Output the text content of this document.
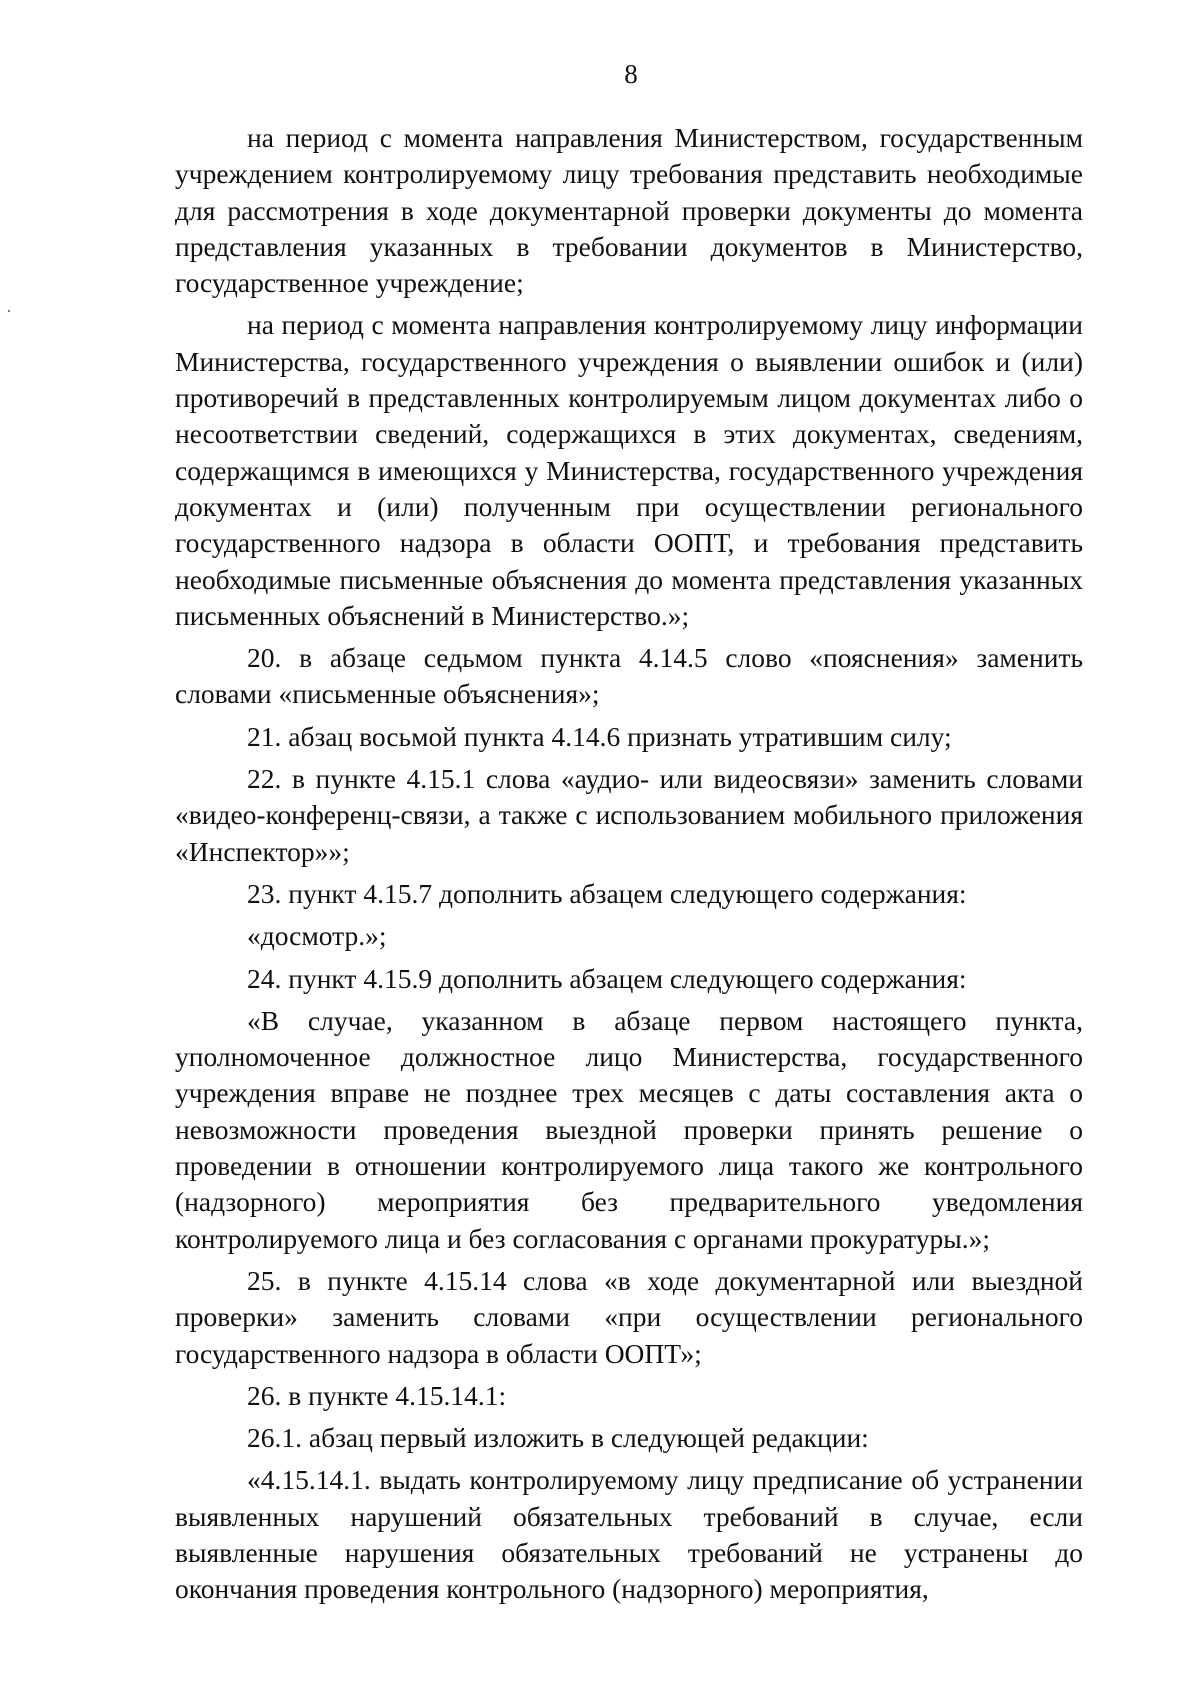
8

на период с момента направления Министерством, государственным учреждением контролируемому лицу требования представить необходимые для рассмотрения в ходе документарной проверки документы до момента представления указанных в требовании документов в Министерство, государственное учреждение;

на период с момента направления контролируемому лицу информации Министерства, государственного учреждения о выявлении ошибок и (или) противоречий в представленных контролируемым лицом документах либо о несоответствии сведений, содержащихся в этих документах, сведениям, содержащимся в имеющихся у Министерства, государственного учреждения документах и (или) полученным при осуществлении регионального государственного надзора в области ООПТ, и требования представить необходимые письменные объяснения до момента представления указанных письменных объяснений в Министерство.»;

20. в абзаце седьмом пункта 4.14.5 слово «пояснения» заменить словами «письменные объяснения»;

21. абзац восьмой пункта 4.14.6 признать утратившим силу;

22. в пункте 4.15.1 слова «аудио- или видеосвязи» заменить словами «видео-конференц-связи, а также с использованием мобильного приложения «Инспектор»»;

23. пункт 4.15.7 дополнить абзацем следующего содержания:

«досмотр.»;

24. пункт 4.15.9 дополнить абзацем следующего содержания:

«В случае, указанном в абзаце первом настоящего пункта, уполномоченное должностное лицо Министерства, государственного учреждения вправе не позднее трех месяцев с даты составления акта о невозможности проведения выездной проверки принять решение о проведении в отношении контролируемого лица такого же контрольного (надзорного) мероприятия без предварительного уведомления контролируемого лица и без согласования с органами прокуратуры.»;

25. в пункте 4.15.14 слова «в ходе документарной или выездной проверки» заменить словами «при осуществлении регионального государственного надзора в области ООПТ»;

26. в пункте 4.15.14.1:

26.1. абзац первый изложить в следующей редакции:

«4.15.14.1. выдать контролируемому лицу предписание об устранении выявленных нарушений обязательных требований в случае, если выявленные нарушения обязательных требований не устранены до окончания проведения контрольного (надзорного) мероприятия,
